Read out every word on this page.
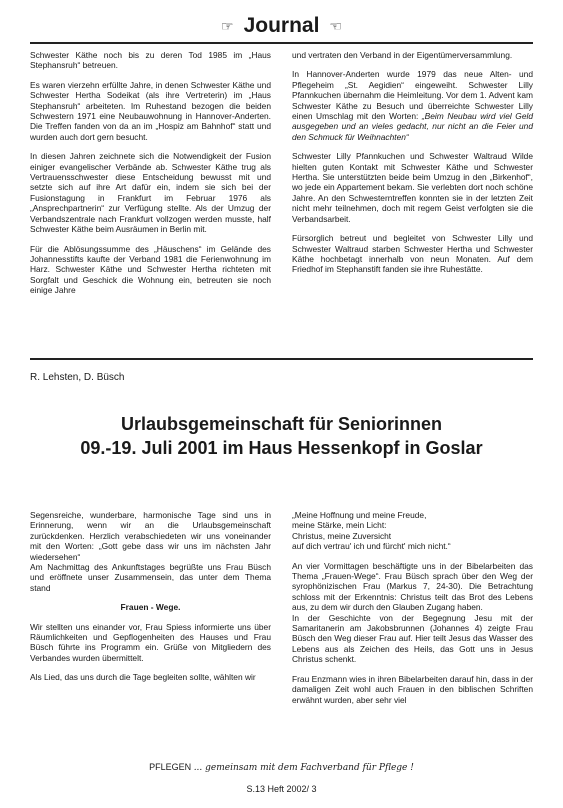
☞ Journal ☜

Schwester Käthe noch bis zu deren Tod 1985 im „Haus Stephansruh“ betreuen.

Es waren vierzehn erfüllte Jahre, in denen Schwester Käthe und Schwester Hertha Sodeikat (als ihre Vertreterin) im „Haus Stephansruh“ arbeiteten. Im Ruhestand bezogen die beiden Schwestern 1971 eine Neubauwohnung in Hannover-Anderten. Die Treffen fanden von da an im „Hospiz am Bahnhof“ statt und wurden auch dort gern besucht.

In diesen Jahren zeichnete sich die Notwendigkeit der Fusion einiger evangelischer Verbände ab. Schwester Käthe trug als Vertrauensschwester diese Entscheidung bewusst mit und setzte sich auf ihre Art dafür ein, indem sie sich bei der Fusionstagung in Frankfurt im Februar 1976 als „Ansprechpartnerin“ zur Verfügung stellte. Als der Umzug der Verbandszentrale nach Frankfurt vollzogen werden musste, half Schwester Käthe beim Ausräumen in Berlin mit.

Für die Ablösungssumme des „Häuschens“ im Gelände des Johannesstifts kaufte der Verband 1981 die Ferienwohnung im Harz. Schwester Käthe und Schwester Hertha richteten mit Sorgfalt und Geschick die Wohnung ein, betreuten sie noch einige Jahre

und vertraten den Verband in der Eigentümerversammlung.

In Hannover-Anderten wurde 1979 das neue Alten- und Pflegeheim „St. Aegidien“ eingeweiht. Schwester Lilly Pfannkuchen übernahm die Heimleitung. Vor dem 1. Advent kam Schwester Käthe zu Besuch und überreichte Schwester Lilly einen Umschlag mit den Worten: „Beim Neubau wird viel Geld ausgegeben und an vieles gedacht, nur nicht an die Feier und den Schmuck für Weihnachten“

Schwester Lilly Pfannkuchen und Schwester Waltraud Wilde hielten guten Kontakt mit Schwester Käthe und Schwester Hertha. Sie unterstützten beide beim Umzug in den „Birkenhof“, wo jede ein Appartement bekam. Sie verlebten dort noch schöne Jahre. An den Schwesterntreffen konnten sie in der letzten Zeit nicht mehr teilnehmen, doch mit regem Geist verfolgten sie die Verbandsarbeit.

Fürsorglich betreut und begleitet von Schwester Lilly und Schwester Waltraud starben Schwester Hertha und Schwester Käthe hochbetagt innerhalb von neun Monaten. Auf dem Friedhof im Stephanstift fanden sie ihre Ruhestätte.

R. Lehsten, D. Büsch
Urlaubsgemeinschaft für Seniorinnen
09.-19. Juli 2001 im Haus Hessenkopf in Goslar

Segensreiche, wunderbare, harmonische Tage sind uns in Erinnerung, wenn wir an die Urlaubsgemeinschaft zurückdenken. Herzlich verabschiedeten wir uns voneinander mit den Worten: „Gott gebe dass wir uns im nächsten Jahr wiedersehen“

Am Nachmittag des Ankunftstages begrüßte uns Frau Büsch und eröffnete unser Zusammensein, das unter dem Thema stand

Frauen - Wege.

Wir stellten uns einander vor, Frau Spiess informierte uns über Räumlichkeiten und Gepflogenheiten des Hauses und Frau Büsch führte ins Programm ein. Grüße von Mitgliedern des Verbandes wurden übermittelt.

Als Lied, das uns durch die Tage begleiten sollte, wählten wir

„Meine Hoffnung und meine Freude,
meine Stärke, mein Licht:
Christus, meine Zuversicht
auf dich vertrau' ich und fürcht' mich nicht.“

An vier Vormittagen beschäftigte uns in der Bibelarbeiten das Thema „Frauen-Wege“. Frau Büsch sprach über den Weg der syrophönizischen Frau (Markus 7, 24-30). Die Betrachtung schloss mit der Erkenntnis: Christus teilt das Brot des Lebens aus, zu dem wir durch den Glauben Zugang haben.

In der Geschichte von der Begegnung Jesu mit der Samaritanerin am Jakobsbrunnen (Johannes 4) zeigte Frau Büsch den Weg dieser Frau auf. Hier teilt Jesus das Wasser des Lebens aus als Zeichen des Heils, das Gott uns in Jesus Christus schenkt.

Frau Enzmann wies in ihren Bibelarbeiten darauf hin, dass in der damaligen Zeit wohl auch Frauen in den biblischen Schriften erwähnt wurden, aber sehr viel

PFLEGEN ... gemeinsam mit dem Fachverband für Pflege !
S.13 Heft 2002/ 3
